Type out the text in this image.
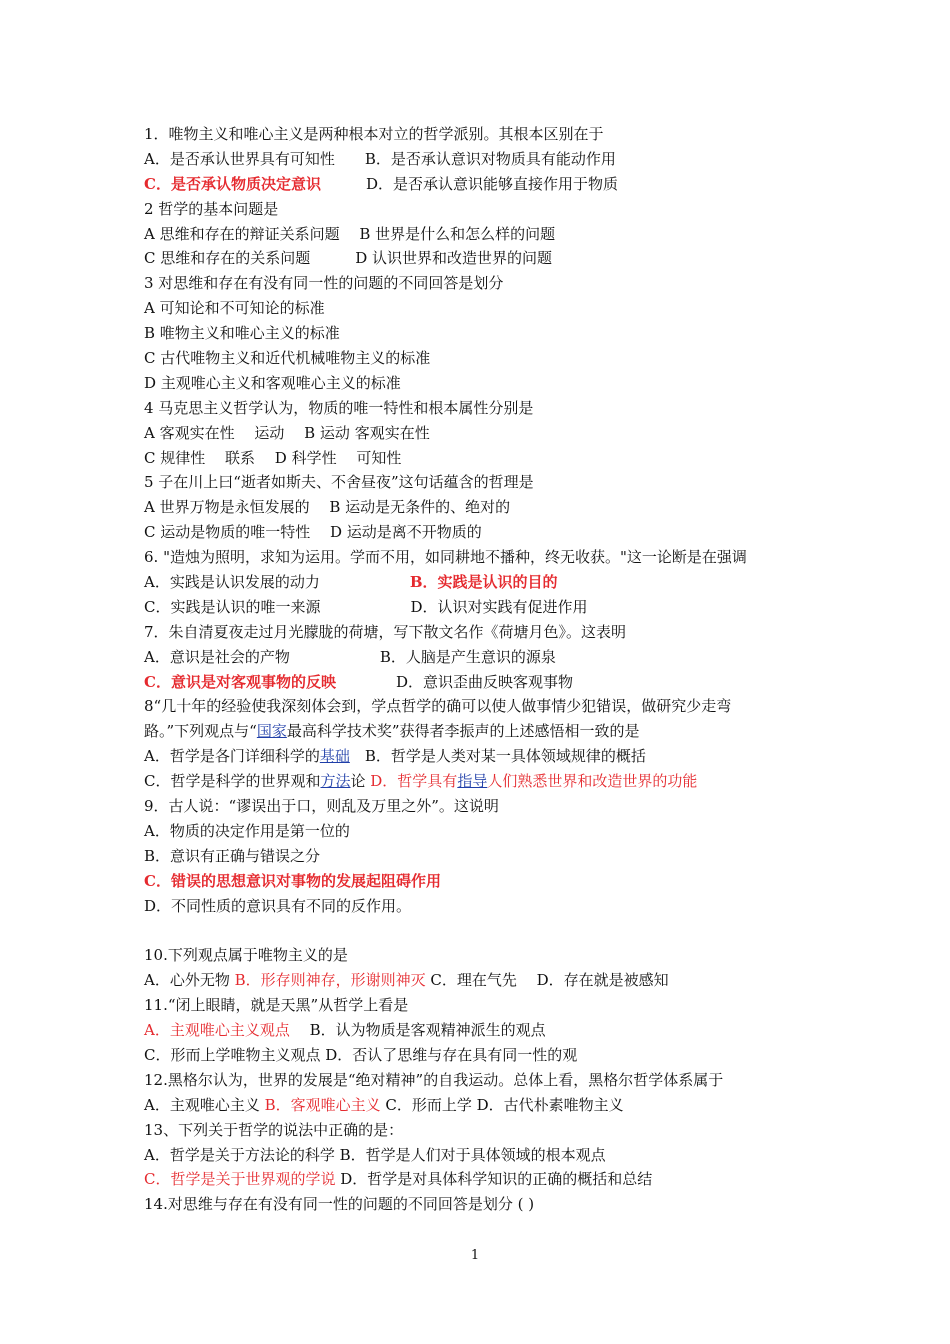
1．唯物主义和唯心主义是两种根本对立的哲学派别。其根本区别在于
A．是否承认世界具有可知性　　B．是否承认意识对物质具有能动作用
C．是否承认物质决定意识　　　D．是否承认意识能够直接作用于物质
2 哲学的基本问题是
A 思维和存在的辩证关系问题　 B 世界是什么和怎么样的问题
C 思维和存在的关系问题　　　D 认识世界和改造世界的问题
3 对思维和存在有没有同一性的问题的不同回答是划分
A 可知论和不可知论的标准
B 唯物主义和唯心主义的标准
C 古代唯物主义和近代机械唯物主义的标准
D 主观唯心主义和客观唯心主义的标准
4 马克思主义哲学认为，物质的唯一特性和根本属性分别是
A 客观实在性　 运动　 B 运动 客观实在性
C 规律性　 联系　 D 科学性　 可知性
5 子在川上曰“逝者如斯夫、不舍昼夜”这句话蕴含的哲理是
A 世界万物是永恒发展的　 B 运动是无条件的、绝对的
C 运动是物质的唯一特性　 D 运动是离不开物质的
6. "造烛为照明，求知为运用。学而不用，如同耕地不播种，终无收获。"这一论断是在强调
A．实践是认识发展的动力　　　　　　B．实践是认识的目的
C．实践是认识的唯一来源　　　　　　D．认识对实践有促进作用
7．朱自清夏夜走过月光朦胧的荷塘，写下散文名作《荷塘月色》。这表明
A．意识是社会的产物　　　　　　B．人脑是产生意识的源泉
C．意识是对客观事物的反映　　　　D．意识歪曲反映客观事物
8“几十年的经验使我深刻体会到，学点哲学的确可以使人做事情少犯错误，做研究少走弯
路。”下列观点与“国家最高科学技术奖”获得者李振声的上述感悟相一致的是
A．哲学是各门详细科学的基础　B．哲学是人类对某一具体领域规律的概括
C．哲学是科学的世界观和方法论 D．哲学具有指导人们熟悉世界和改造世界的功能
9．古人说：“谬误出于口，则乱及万里之外”。这说明
A．物质的决定作用是第一位的
B．意识有正确与错误之分
C．错误的思想意识对事物的发展起阻碍作用
D．不同性质的意识具有不同的反作用。
10.下列观点属于唯物主义的是
A．心外无物 B．形存则神存，形谢则神灭 C．理在气先　 D．存在就是被感知
11.“闭上眼睛，就是天黑”从哲学上看是
A．主观唯心主义观点　 B．认为物质是客观精神派生的观点
C．形而上学唯物主义观点 D．否认了思维与存在具有同一性的观
12.黑格尔认为，世界的发展是“绝对精神”的自我运动。总体上看，黑格尔哲学体系属于
A．主观唯心主义 B．客观唯心主义 C．形而上学 D．古代朴素唯物主义
13、下列关于哲学的说法中正确的是：
A．哲学是关于方法论的科学 B．哲学是人们对于具体领域的根本观点
C．哲学是关于世界观的学说 D．哲学是对具体科学知识的正确的概括和总结
14.对思维与存在有没有同一性的问题的不同回答是划分 ( )
1
